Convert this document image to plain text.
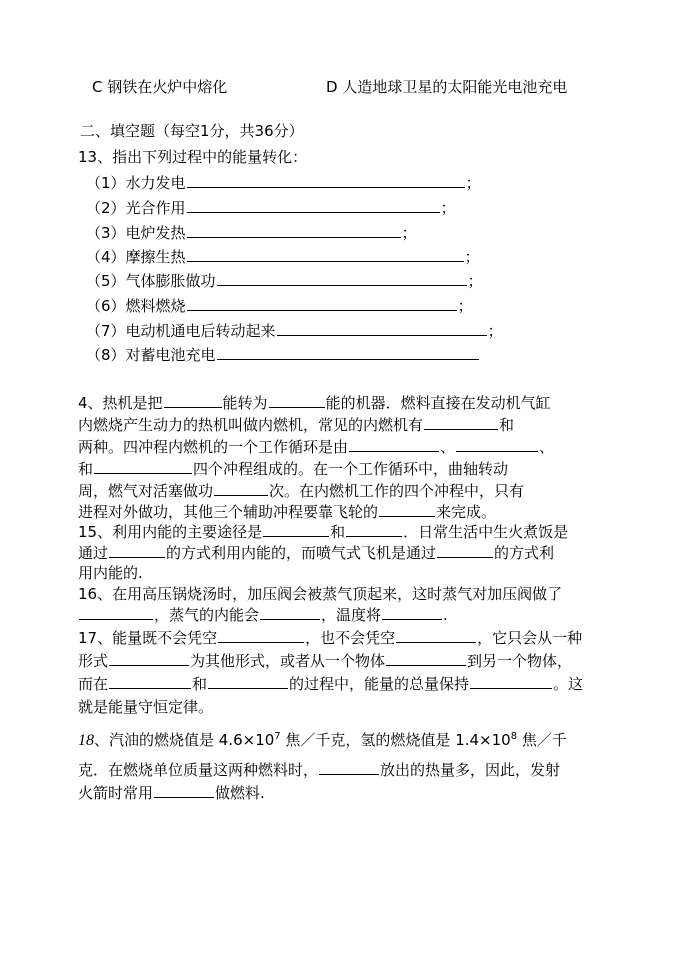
C 钢铁在火炉中熔化	D 人造地球卫星的太阳能光电池充电
二、填空题（每空1分，共36分）
13、指出下列过程中的能量转化：
（1）水力发电	；
（2）光合作用	；
（3）电炉发热	；
（4）摩擦生热	；
（5）气体膨胀做功	；
（6）燃料燃烧	；
（7）电动机通电后转动起来	；
（8）对蓄电池充电
4、热机是把	能转为	能的机器．燃料直接在发动机气缸
内燃烧产生动力的热机叫做内燃机，常见的内燃机有	和
两种。四冲程内燃机的一个工作循环是由	、	、
和	四个冲程组成的。在一个工作循环中，曲轴转动
周，燃气对活塞做功	次。在内燃机工作的四个冲程中，只有
进程对外做功，其他三个辅助冲程要靠飞轮的	来完成。
15、利用内能的主要途径是	和	．日常生活中生火煮饭是
通过	的方式利用内能的，而喷气式飞机是通过	的方式利
用内能的.
16、在用高压锅烧汤时，加压阀会被蒸气顶起来，这时蒸气对加压阀做了
，蒸气的内能会	，温度将	.
17、能量既不会凭空	，也不会凭空	，它只会从一种
形式	为其他形式，或者从一个物体	到另一个物体，
而在	和	的过程中，能量的总量保持	。这
就是能量守恒定律。
18、汽油的燃烧值是 $4.6\times 10^7$ 焦／千克，氢的燃烧值是 $1.4\times 10^8$ 焦／千
克．在燃烧单位质量这两种燃料时，	放出的热量多，因此，发射
火箭时常用	做燃料.
